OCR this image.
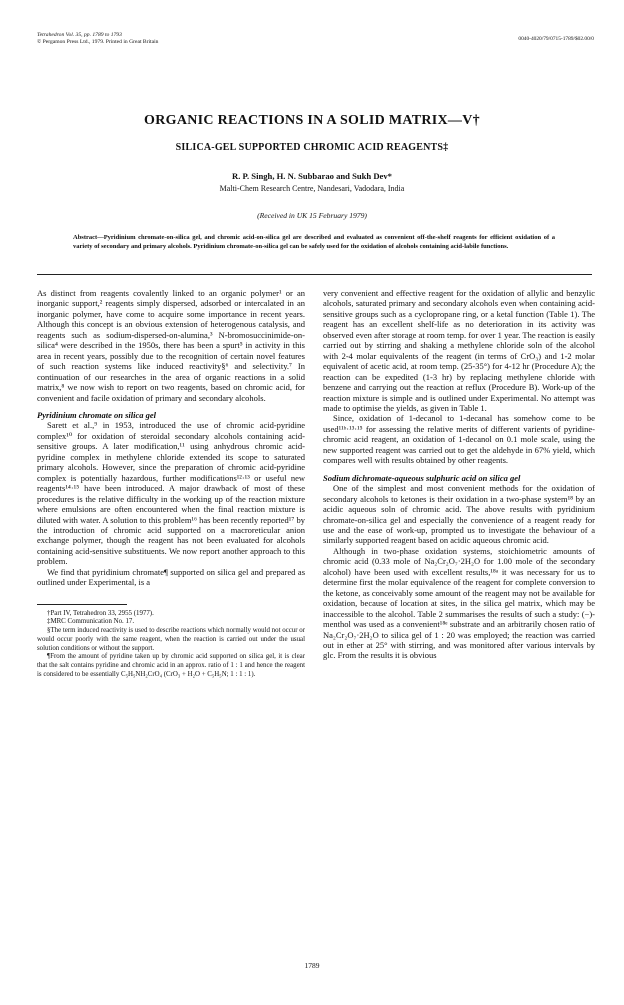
Tetrahedron Vol. 35, pp. 1789 to 1793
© Pergamon Press Ltd., 1979. Printed in Great Britain	0040-4020/79/0715-1789/$02.00/0
ORGANIC REACTIONS IN A SOLID MATRIX—V†
SILICA-GEL SUPPORTED CHROMIC ACID REAGENTS‡
R. P. Singh, H. N. Subbarao and Sukh Dev*
Malti-Chem Research Centre, Nandesari, Vadodara, India
(Received in UK 15 February 1979)
Abstract—Pyridinium chromate-on-silica gel, and chromic acid-on-silica gel are described and evaluated as convenient off-the-shelf reagents for efficient oxidation of a variety of secondary and primary alcohols. Pyridinium chromate-on-silica gel can be safely used for the oxidation of alcohols containing acid-labile functions.

As distinct from reagents covalently linked to an organic polymer¹ or an inorganic support,² reagents simply dispersed, adsorbed or intercalated in an inorganic polymer, have come to acquire some importance in recent years. Although this concept is an obvious extension of heterogenous catalysis, and reagents such as sodium-dispersed-on-alumina,³ N-bromosuccinimide-on-silica⁴ were described in the 1950s, there has been a spurt⁵ in activity in this area in recent years, possibly due to the recognition of certain novel features of such reaction systems like induced reactivity§⁶ and selectivity.⁷ In continuation of our researches in the area of organic reactions in a solid matrix,⁸ we now wish to report on two reagents, based on chromic acid, for convenient and facile oxidation of primary and secondary alcohols.

Pyridinium chromate on silica gel

Sarett et al.,⁹ in 1953, introduced the use of chromic acid-pyridine complex¹⁰ for oxidation of steroidal secondary alcohols containing acid-sensitive groups. A later modification,¹¹ using anhydrous chromic acid-pyridine complex in methylene chloride extended its scope to saturated primary alcohols. However, since the preparation of chromic acid-pyridine complex is potentially hazardous, further modifications¹²·¹³ or useful new reagents¹⁴·¹⁵ have been introduced. A major drawback of most of these procedures is the relative difficulty in the working up of the reaction mixture where emulsions are often encountered when the final reaction mixture is diluted with water. A solution to this problem¹⁶ has been recently reported¹⁷ by the introduction of chromic acid supported on a macroreticular anion exchange polymer, though the reagent has not been evaluated for alcohols containing acid-sensitive substituents. We now report another approach to this problem.

We find that pyridinium chromate¶ supported on silica gel and prepared as outlined under Experimental, is a

†Part IV, Tetrahedron 33, 2955 (1977).

‡MRC Communication No. 17.

§The term induced reactivity is used to describe reactions which normally would not occur or would occur poorly with the same reagent, when the reaction is carried out under the usual solution conditions or without the support.

¶From the amount of pyridine taken up by chromic acid supported on silica gel, it is clear that the salt contains pyridine and chromic acid in an approx. ratio of 1 : 1 and hence the reagent is considered to be essentially C₅H₅NH₂CrO₄ (CrO₃ + H₂O + C₅H₅N; 1 : 1 : 1).

very convenient and effective reagent for the oxidation of allylic and benzylic alcohols, saturated primary and secondary alcohols even when containing acid-sensitive groups such as a cyclopropane ring, or a ketal function (Table 1). The reagent has an excellent shelf-life as no deterioration in its activity was observed even after storage at room temp. for over 1 year. The reaction is easily carried out by stirring and shaking a methylene chloride soln of the alcohol with 2-4 molar equivalents of the reagent (in terms of CrO₃) and 1-2 molar equivalent of acetic acid, at room temp. (25-35°) for 4-12 hr (Procedure A); the reaction can be expedited (1-3 hr) by replacing methylene chloride with benzene and carrying out the reaction at reflux (Procedure B). Work-up of the reaction mixture is simple and is outlined under Experimental. No attempt was made to optimise the yields, as given in Table 1.

Since, oxidation of 1-decanol to 1-decanal has somehow come to be used¹¹ᵇ·¹³·¹⁵ for assessing the relative merits of different varients of pyridine-chromic acid reagent, an oxidation of 1-decanol on 0.1 mole scale, using the new supported reagent was carried out to get the aldehyde in 67% yield, which compares well with results obtained by other reagents.

Sodium dichromate-aqueous sulphuric acid on silica gel

One of the simplest and most convenient methods for the oxidation of secondary alcohols to ketones is their oxidation in a two-phase system¹⁸ by an acidic aqueous soln of chromic acid. The above results with pyridinium chromate-on-silica gel and especially the convenience of a reagent ready for use and the ease of work-up, prompted us to investigate the behaviour of a similarly supported reagent based on acidic aqueous chromic acid.

Although in two-phase oxidation systems, stoichiometric amounts of chromic acid (0.33 mole of Na₂Cr₂O₇·2H₂O for 1.00 mole of the secondary alcohol) have been used with excellent results,¹⁸ᵃ it was necessary for us to determine first the molar equivalence of the reagent for complete conversion to the ketone, as conceivably some amount of the reagent may not be available for oxidation, because of location at sites, in the silica gel matrix, which may be inaccessible to the alcohol. Table 2 summarises the results of such a study: (−)-menthol was used as a convenient¹⁸ᵉ substrate and an arbitrarily chosen ratio of Na₂Cr₂O₇·2H₂O to silica gel of 1 : 20 was employed; the reaction was carried out in ether at 25° with stirring, and was monitored after various intervals by glc. From the results it is obvious

1789
